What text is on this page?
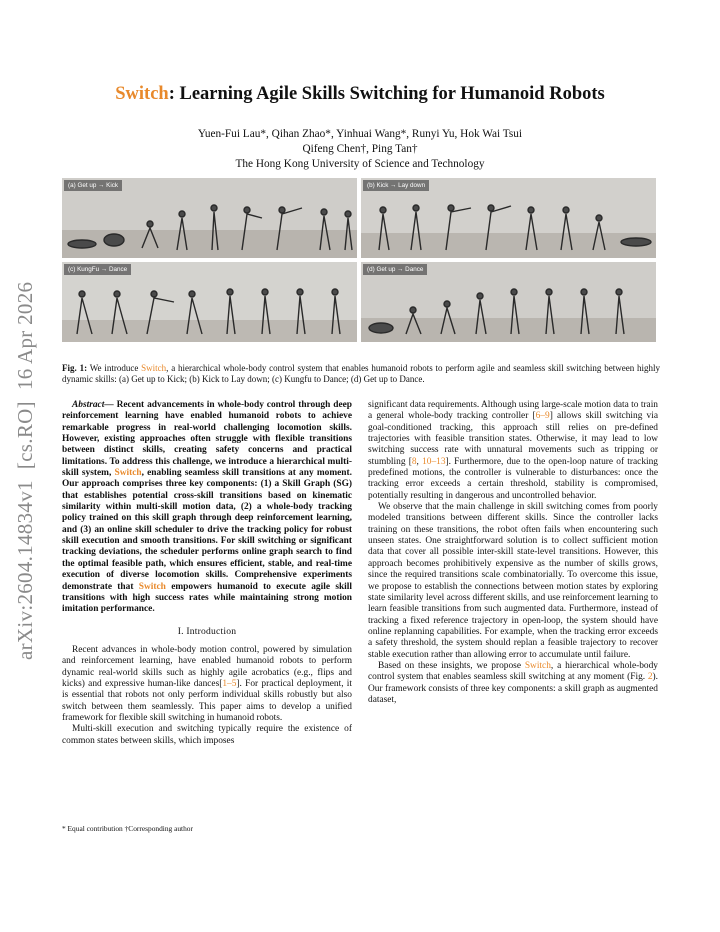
arXiv:2604.14834v1  [cs.RO]  16 Apr 2026
Switch: Learning Agile Skills Switching for Humanoid Robots
Yuen-Fui Lau*, Qihan Zhao*, Yinhuai Wang*, Runyi Yu, Hok Wai Tsui
Qifeng Chen†, Ping Tan†
The Hong Kong University of Science and Technology
(a) Get up → Kick	(b) Kick → Lay down
(c) KungFu → Dance	(d) Get up → Dance
Fig. 1: We introduce Switch, a hierarchical whole-body control system that enables humanoid robots to perform agile and seamless skill switching between highly dynamic skills: (a) Get up to Kick; (b) Kick to Lay down; (c) Kungfu to Dance; (d) Get up to Dance.
Abstract— Recent advancements in whole-body control through deep reinforcement learning have enabled humanoid robots to achieve remarkable progress in real-world challenging locomotion skills. However, existing approaches often struggle with flexible transitions between distinct skills, creating safety concerns and practical limitations. To address this challenge, we introduce a hierarchical multi-skill system, Switch, enabling seamless skill transitions at any moment. Our approach comprises three key components: (1) a Skill Graph (SG) that establishes potential cross-skill transitions based on kinematic similarity within multi-skill motion data, (2) a whole-body tracking policy trained on this skill graph through deep reinforcement learning, and (3) an online skill scheduler to drive the tracking policy for robust skill execution and smooth transitions. For skill switching or significant tracking deviations, the scheduler performs online graph search to find the optimal feasible path, which ensures efficient, stable, and real-time execution of diverse locomotion skills. Comprehensive experiments demonstrate that Switch empowers humanoid to execute agile skill transitions with high success rates while maintaining strong motion imitation performance.
I. Introduction

Recent advances in whole-body motion control, powered by simulation and reinforcement learning, have enabled humanoid robots to perform dynamic real-world skills such as highly agile acrobatics (e.g., flips and kicks) and expressive human-like dances[1–5]. For practical deployment, it is essential that robots not only perform individual skills robustly but also switch between them seamlessly. This paper aims to develop a unified framework for flexible skill switching in humanoid robots.

Multi-skill execution and switching typically require the existence of common states between skills, which imposes

* Equal contribution †Corresponding author

significant data requirements. Although using large-scale motion data to train a general whole-body tracking controller [6–9] allows skill switching via goal-conditioned tracking, this approach still relies on pre-defined trajectories with feasible transition states. Otherwise, it may lead to low switching success rate with unnatural movements such as tripping or stumbling [8, 10–13]. Furthermore, due to the open-loop nature of tracking predefined motions, the controller is vulnerable to disturbances: once the tracking error exceeds a certain threshold, stability is compromised, potentially resulting in dangerous and uncontrolled behavior.

We observe that the main challenge in skill switching comes from poorly modeled transitions between different skills. Since the controller lacks training on these transitions, the robot often fails when encountering such unseen states. One straightforward solution is to collect sufficient motion data that cover all possible inter-skill state-level transitions. However, this approach becomes prohibitively expensive as the number of skills grows, since the required transitions scale combinatorially. To overcome this issue, we propose to establish the connections between motion states by exploring state similarity level across different skills, and use reinforcement learning to learn feasible transitions from such augmented data. Furthermore, instead of tracking a fixed reference trajectory in open-loop, the system should have online replanning capabilities. For example, when the tracking error exceeds a safety threshold, the system should replan a feasible trajectory to recover stable execution rather than allowing error to accumulate until failure.

Based on these insights, we propose Switch, a hierarchical whole-body control system that enables seamless skill switching at any moment (Fig. 2). Our framework consists of three key components: a skill graph as augmented dataset,
